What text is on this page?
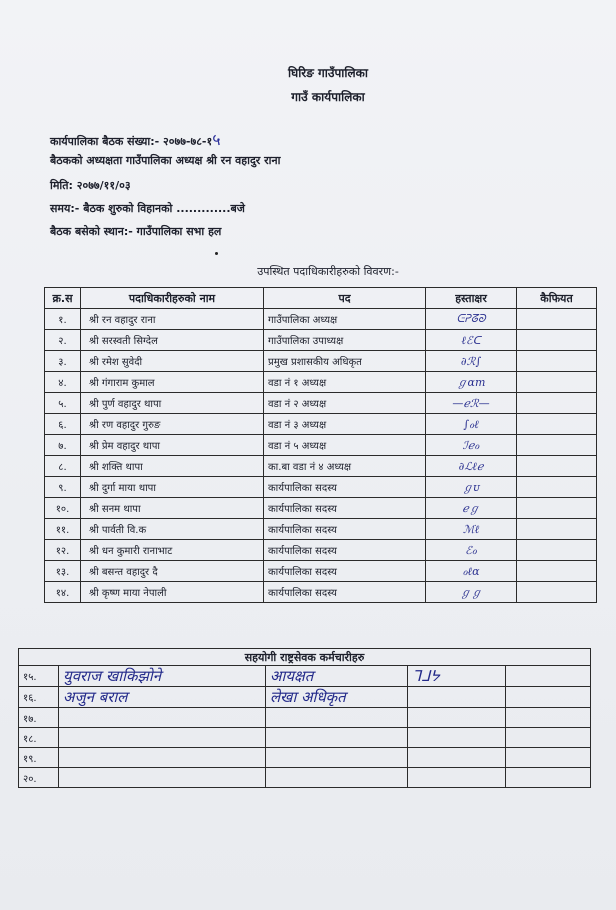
घिरिङ गाउँपालिका
गाउँ कार्यपालिका
कार्यपालिका बैठक संख्या:- २०७७-७८-१५
बैठकको अध्यक्षता गाउँपालिका अध्यक्ष श्री रन वहादुर राना
मिति: २०७७/११/०३
समय:- बैठक शुरुको विहानको .............बजे
बैठक बसेको स्थान:- गाउँपालिका सभा हल
उपस्थित पदाधिकारीहरुको विवरण:-
क्र.स	पदाधिकारीहरुको नाम	पद	हस्ताक्षर	कैफियत
१.	श्री रन वहादुर राना	गाउँपालिका अध्यक्ष	ᕮᕈᘔᘐ	
२.	श्री सरस्वती सिग्देल	गाउँपालिका उपाध्यक्ष	ℓℰᑕ	
३.	श्री रमेश सुवेदी	प्रमुख प्रशासकीय अधिकृत	∂ℛ∫	
४.	श्री गंगाराम कुमाल	वडा नं १ अध्यक्ष	ℊαm	
५.	श्री पुर्ण वहादुर थापा	वडा नं २ अध्यक्ष	—ℯℛ—	
६.	श्री रण वहादुर गुरुङ	वडा नं ३ अध्यक्ष	∫ℴℓ	
७.	श्री प्रेम वहादुर थापा	वडा नं ५ अध्यक्ष	ℐℯℴ	
८.	श्री शक्ति थापा	का.बा वडा नं ४ अध्यक्ष	∂ℒℓℯ	
९.	श्री दुर्गा माया थापा	कार्यपालिका सदस्य	ℊᴜ	
१०.	श्री सनम थापा	कार्यपालिका सदस्य	ℯℊ	
११.	श्री पार्वती वि.क	कार्यपालिका सदस्य	ℳℓ	
१२.	श्री धन कुमारी रानाभाट	कार्यपालिका सदस्य	ℰℴ	
१३.	श्री बसन्त वहादुर दै	कार्यपालिका सदस्य	ℴℓα	
१४.	श्री कृष्ण माया नेपाली	कार्यपालिका सदस्य	ℊℊ	
सहयोगी राष्ट्रसेवक कर्मचारीहरु				
१५.	युवराज खाकिझोने	आयक्षत	ᒣᒧᔭ	
१६.	अजुन बराल	लेखा अधिकृत		
१७.				
१८.				
१९.				
२०.				
